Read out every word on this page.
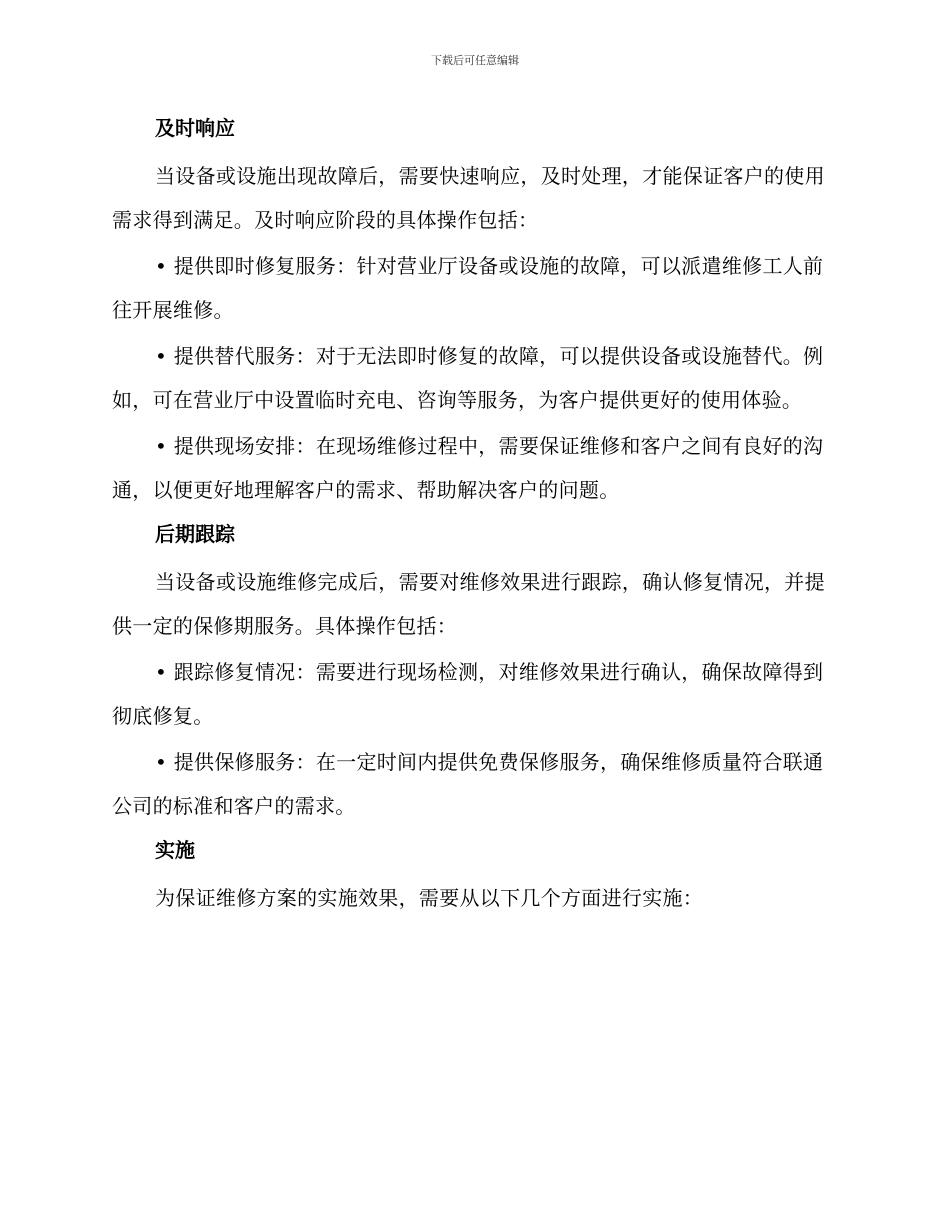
下载后可任意编辑
及时响应

当设备或设施出现故障后，需要快速响应，及时处理，才能保证客户的使用需求得到满足。及时响应阶段的具体操作包括：

• 提供即时修复服务：针对营业厅设备或设施的故障，可以派遣维修工人前往开展维修。

• 提供替代服务：对于无法即时修复的故障，可以提供设备或设施替代。例如，可在营业厅中设置临时充电、咨询等服务，为客户提供更好的使用体验。

• 提供现场安排：在现场维修过程中，需要保证维修和客户之间有良好的沟通，以便更好地理解客户的需求、帮助解决客户的问题。

后期跟踪

当设备或设施维修完成后，需要对维修效果进行跟踪，确认修复情况，并提供一定的保修期服务。具体操作包括：

• 跟踪修复情况：需要进行现场检测，对维修效果进行确认，确保故障得到彻底修复。

• 提供保修服务：在一定时间内提供免费保修服务，确保维修质量符合联通公司的标准和客户的需求。

实施

为保证维修方案的实施效果，需要从以下几个方面进行实施：
